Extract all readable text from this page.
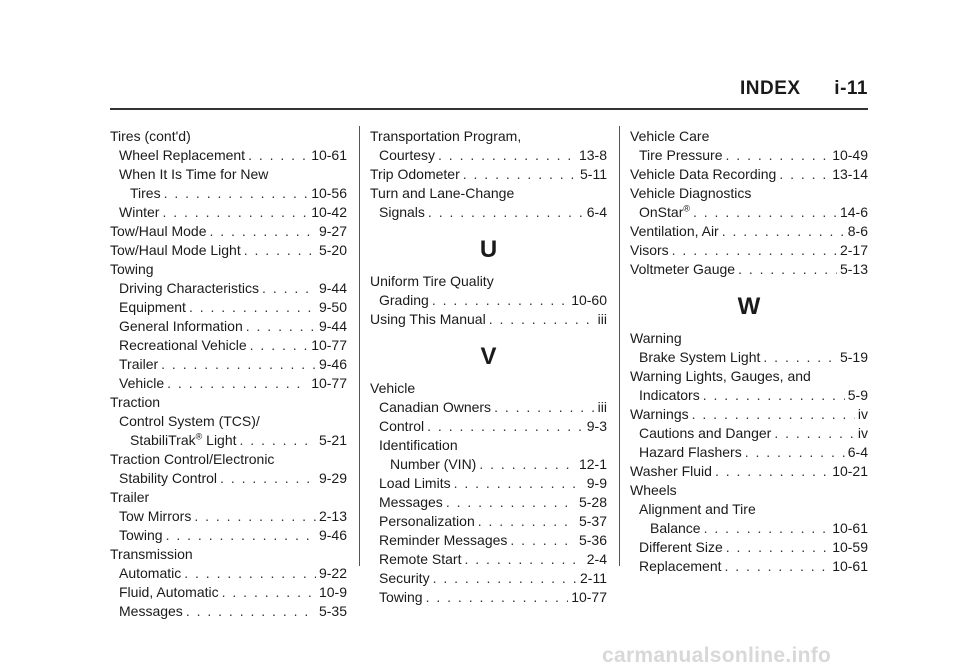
INDEX i-11
Tires (cont'd)
Wheel Replacement . . .	10-61
When It Is Time for New
Tires . . .	10-56
Winter . . .	10-42
Tow/Haul Mode . . .	9-27
Tow/Haul Mode Light . . .	5-20
Towing
Driving Characteristics . . .	9-44
Equipment . . .	9-50
General Information . . .	9-44
Recreational Vehicle . . .	10-77
Trailer . . .	9-46
Vehicle . . .	10-77
Traction
Control System (TCS)/
StabiliTrak® Light . . .	5-21
Traction Control/Electronic
Stability Control . . .	9-29
Trailer
Tow Mirrors . . .	2-13
Towing . . .	9-46
Transmission
Automatic . . .	9-22
Fluid, Automatic . . .	10-9
Messages . . .	5-35
Transportation Program,
Courtesy . . .	13-8
Trip Odometer . . .	5-11
Turn and Lane-Change
Signals . . .	6-4
U
Uniform Tire Quality
Grading . . .	10-60
Using This Manual . . .	iii
V
Vehicle
Canadian Owners . . .	iii
Control . . .	9-3
Identification
Number (VIN) . . .	12-1
Load Limits . . .	9-9
Messages . . .	5-28
Personalization . . .	5-37
Reminder Messages . . .	5-36
Remote Start . . .	2-4
Security . . .	2-11
Towing . . .	10-77
Vehicle Care
Tire Pressure . . .	10-49
Vehicle Data Recording . . .	13-14
Vehicle Diagnostics
OnStar® . . .	14-6
Ventilation, Air . . .	8-6
Visors . . .	2-17
Voltmeter Gauge . . .	5-13
W
Warning
Brake System Light . . .	5-19
Warning Lights, Gauges, and
Indicators . . .	5-9
Warnings . . .	iv
Cautions and Danger . . .	iv
Hazard Flashers . . .	6-4
Washer Fluid . . .	10-21
Wheels
Alignment and Tire
Balance . . .	10-61
Different Size . . .	10-59
Replacement . . .	10-61
carmanualsonline.info
